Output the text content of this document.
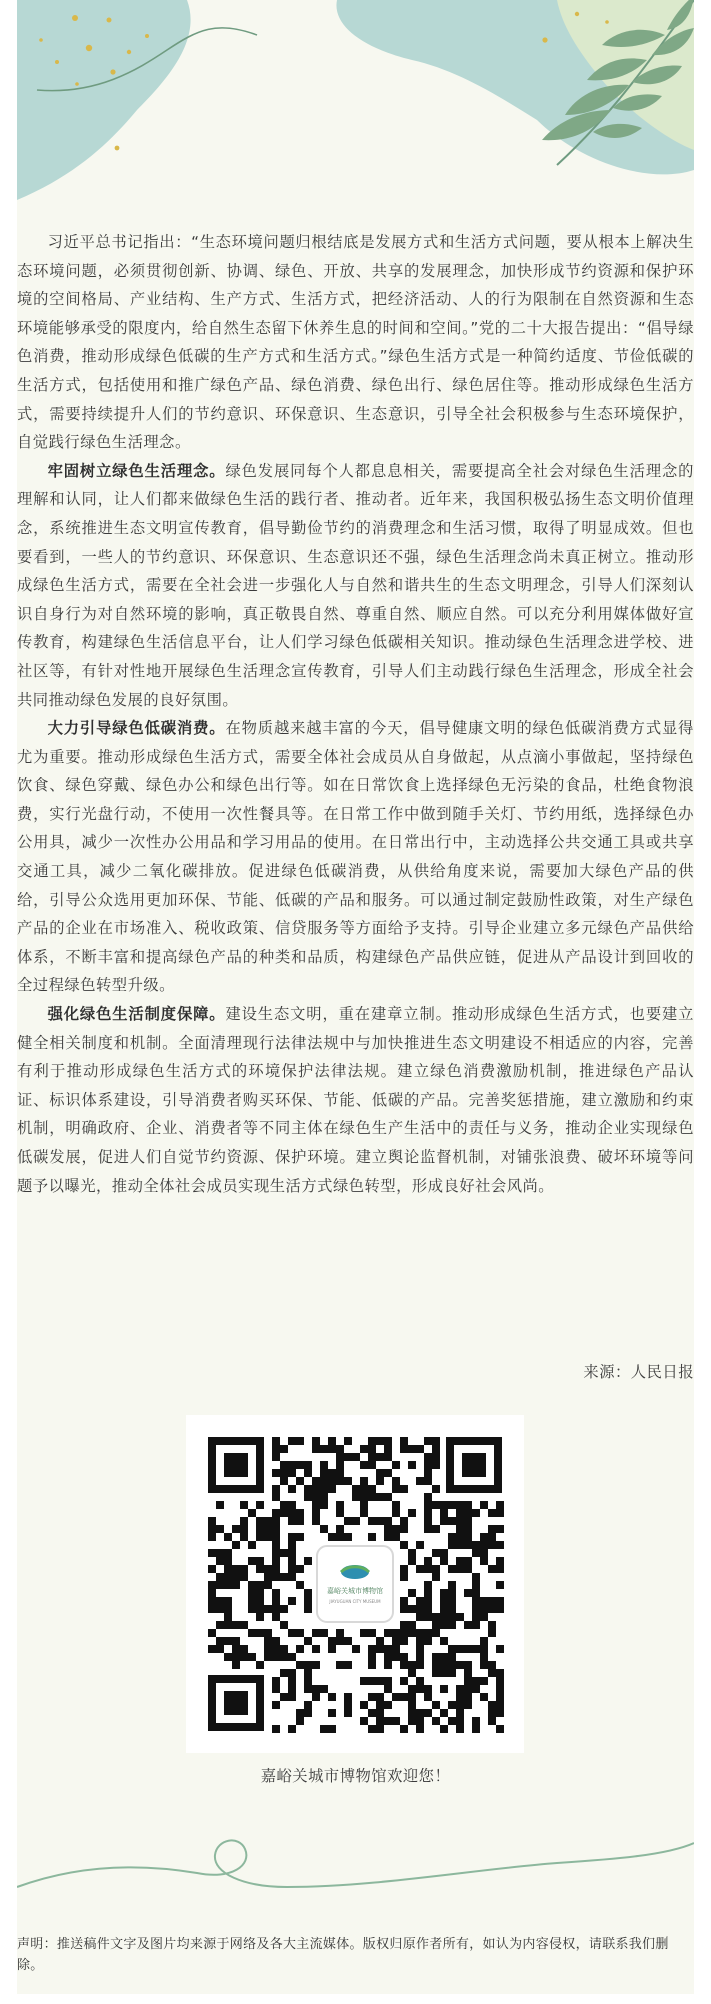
习近平总书记指出：“生态环境问题归根结底是发展方式和生活方式问题，要从根本上解决生态环境问题，必须贯彻创新、协调、绿色、开放、共享的发展理念，加快形成节约资源和保护环境的空间格局、产业结构、生产方式、生活方式，把经济活动、人的行为限制在自然资源和生态环境能够承受的限度内，给自然生态留下休养生息的时间和空间。”党的二十大报告提出：“倡导绿色消费，推动形成绿色低碳的生产方式和生活方式。”绿色生活方式是一种简约适度、节俭低碳的生活方式，包括使用和推广绿色产品、绿色消费、绿色出行、绿色居住等。推动形成绿色生活方式，需要持续提升人们的节约意识、环保意识、生态意识，引导全社会积极参与生态环境保护，自觉践行绿色生活理念。

牢固树立绿色生活理念。绿色发展同每个人都息息相关，需要提高全社会对绿色生活理念的理解和认同，让人们都来做绿色生活的践行者、推动者。近年来，我国积极弘扬生态文明价值理念，系统推进生态文明宣传教育，倡导勤俭节约的消费理念和生活习惯，取得了明显成效。但也要看到，一些人的节约意识、环保意识、生态意识还不强，绿色生活理念尚未真正树立。推动形成绿色生活方式，需要在全社会进一步强化人与自然和谐共生的生态文明理念，引导人们深刻认识自身行为对自然环境的影响，真正敬畏自然、尊重自然、顺应自然。可以充分利用媒体做好宣传教育，构建绿色生活信息平台，让人们学习绿色低碳相关知识。推动绿色生活理念进学校、进社区等，有针对性地开展绿色生活理念宣传教育，引导人们主动践行绿色生活理念，形成全社会共同推动绿色发展的良好氛围。

大力引导绿色低碳消费。在物质越来越丰富的今天，倡导健康文明的绿色低碳消费方式显得尤为重要。推动形成绿色生活方式，需要全体社会成员从自身做起，从点滴小事做起，坚持绿色饮食、绿色穿戴、绿色办公和绿色出行等。如在日常饮食上选择绿色无污染的食品，杜绝食物浪费，实行光盘行动，不使用一次性餐具等。在日常工作中做到随手关灯、节约用纸，选择绿色办公用具，减少一次性办公用品和学习用品的使用。在日常出行中，主动选择公共交通工具或共享交通工具，减少二氧化碳排放。促进绿色低碳消费，从供给角度来说，需要加大绿色产品的供给，引导公众选用更加环保、节能、低碳的产品和服务。可以通过制定鼓励性政策，对生产绿色产品的企业在市场准入、税收政策、信贷服务等方面给予支持。引导企业建立多元绿色产品供给体系，不断丰富和提高绿色产品的种类和品质，构建绿色产品供应链，促进从产品设计到回收的全过程绿色转型升级。

强化绿色生活制度保障。建设生态文明，重在建章立制。推动形成绿色生活方式，也要建立健全相关制度和机制。全面清理现行法律法规中与加快推进生态文明建设不相适应的内容，完善有利于推动形成绿色生活方式的环境保护法律法规。建立绿色消费激励机制，推进绿色产品认证、标识体系建设，引导消费者购买环保、节能、低碳的产品。完善奖惩措施，建立激励和约束机制，明确政府、企业、消费者等不同主体在绿色生产生活中的责任与义务，推动企业实现绿色低碳发展，促进人们自觉节约资源、保护环境。建立舆论监督机制，对铺张浪费、破坏环境等问题予以曝光，推动全体社会成员实现生活方式绿色转型，形成良好社会风尚。

来源：人民日报
嘉峪关城市博物馆
JIAYUGUAN CITY MUSEUM
嘉峪关城市博物馆欢迎您！
声明：推送稿件文字及图片均来源于网络及各大主流媒体。版权归原作者所有，如认为内容侵权，请联系我们删除。
